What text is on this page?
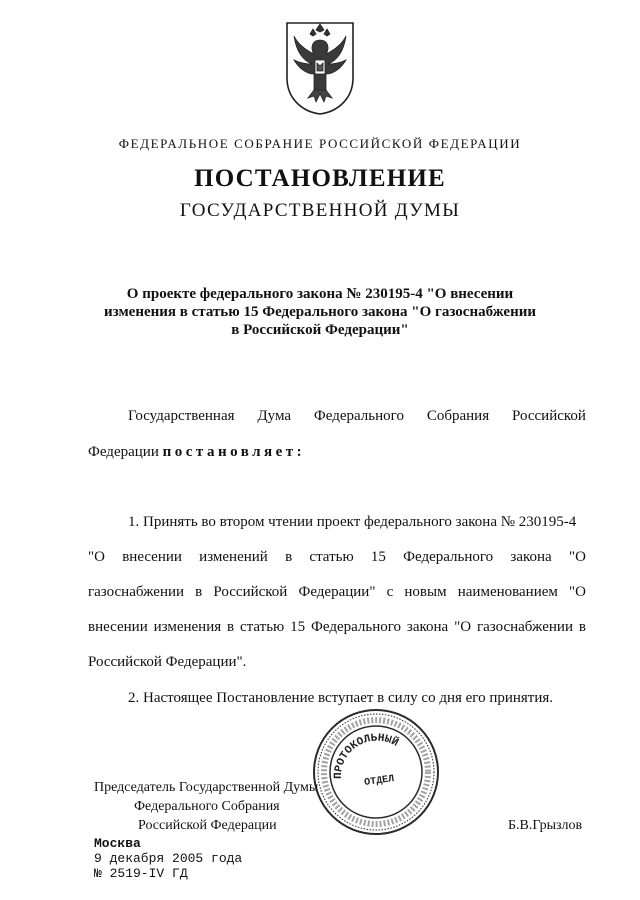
ФЕДЕРАЛЬНОЕ СОБРАНИЕ РОССИЙСКОЙ ФЕДЕРАЦИИ
ПОСТАНОВЛЕНИЕ
ГОСУДАРСТВЕННОЙ ДУМЫ
О проекте федерального закона № 230195-4 "О внесении
изменения в статью 15 Федерального закона "О газоснабжении
в Российской Федерации"
Государственная Дума Федерального Собрания Российской
Федерации постановляет:
1. Принять во втором чтении проект федерального закона № 230195-4
"О внесении изменений в статью 15 Федерального закона "О
газоснабжении в Российской Федерации" с новым наименованием "О
внесении изменения в статью 15 Федерального закона "О газоснабжении в
Российской Федерации".
2. Настоящее Постановление вступает в силу со дня его принятия.
ПРОТОКОЛЬНЫЙ
ОТДЕЛ
Председатель Государственной Думы
Федерального Собрания
Российской Федерации	Б.В.Грызлов
Москва
9 декабря 2005 года
№ 2519-IV ГД
